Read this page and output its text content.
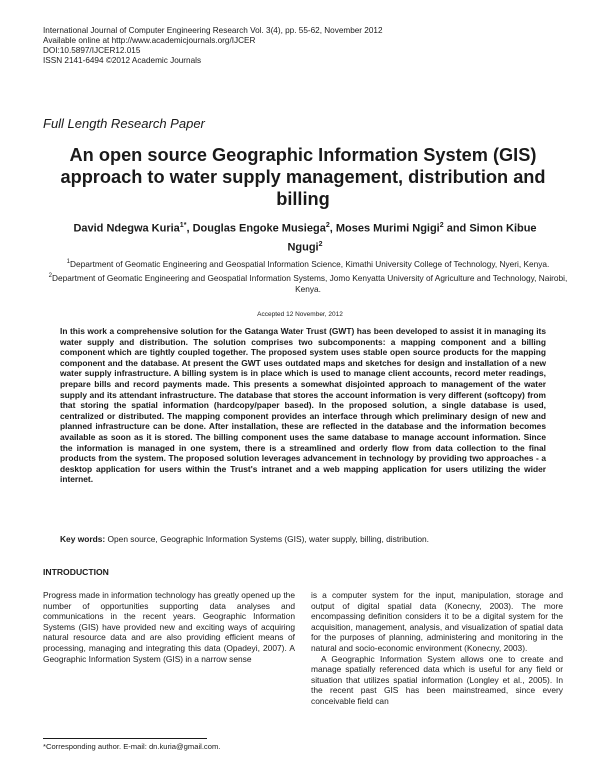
International Journal of Computer Engineering Research Vol. 3(4), pp. 55-62, November 2012
Available online at http://www.academicjournals.org/IJCER
DOI:10.5897/IJCER12.015
ISSN 2141-6494 ©2012 Academic Journals
Full Length Research Paper
An open source Geographic Information System (GIS) approach to water supply management, distribution and billing
David Ndegwa Kuria$^{1*}$, Douglas Engoke Musiega$^2$, Moses Murimi Ngigi$^2$ and Simon Kibue Ngugi$^2$

$^1$Department of Geomatic Engineering and Geospatial Information Science, Kimathi University College of Technology, Nyeri, Kenya.

$^2$Department of Geomatic Engineering and Geospatial Information Systems, Jomo Kenyatta University of Agriculture and Technology, Nairobi, Kenya.

Accepted 12 November, 2012
In this work a comprehensive solution for the Gatanga Water Trust (GWT) has been developed to assist it in managing its water supply and distribution. The solution comprises two subcomponents: a mapping component and a billing component which are tightly coupled together. The proposed system uses stable open source products for the mapping component and the database. At present the GWT uses outdated maps and sketches for design and installation of a new water supply infrastructure. A billing system is in place which is used to manage client accounts, record meter readings, prepare bills and record payments made. This presents a somewhat disjointed approach to management of the water supply and its attendant infrastructure. The database that stores the account information is very different (softcopy) from that storing the spatial information (hardcopy/paper based). In the proposed solution, a single database is used, centralized or distributed. The mapping component provides an interface through which preliminary design of new and planned infrastructure can be done. After installation, these are reflected in the database and the information becomes available as soon as it is stored. The billing component uses the same database to manage account information. Since the information is managed in one system, there is a streamlined and orderly flow from data collection to the final products from the system. The proposed solution leverages advancement in technology by providing two approaches - a desktop application for users within the Trust's intranet and a web mapping application for users utilizing the wider internet.
Key words: Open source, Geographic Information Systems (GIS), water supply, billing, distribution.
INTRODUCTION

Progress made in information technology has greatly opened up the number of opportunities supporting data analyses and communications in the recent years. Geographic Information Systems (GIS) have provided new and exciting ways of acquiring natural resource data and are also providing efficient means of processing, managing and integrating this data (Opadeyi, 2007). A Geographic Information System (GIS) in a narrow sense

is a computer system for the input, manipulation, storage and output of digital spatial data (Konecny, 2003). The more encompassing definition considers it to be a digital system for the acquisition, management, analysis, and visualization of spatial data for the purposes of planning, administering and monitoring in the natural and socio-economic environment (Konecny, 2003).

A Geographic Information System allows one to create and manage spatially referenced data which is useful for any field or situation that utilizes spatial information (Longley et al., 2005). In the recent past GIS has been mainstreamed, since every conceivable field can

*Corresponding author. E-mail: dn.kuria@gmail.com.
